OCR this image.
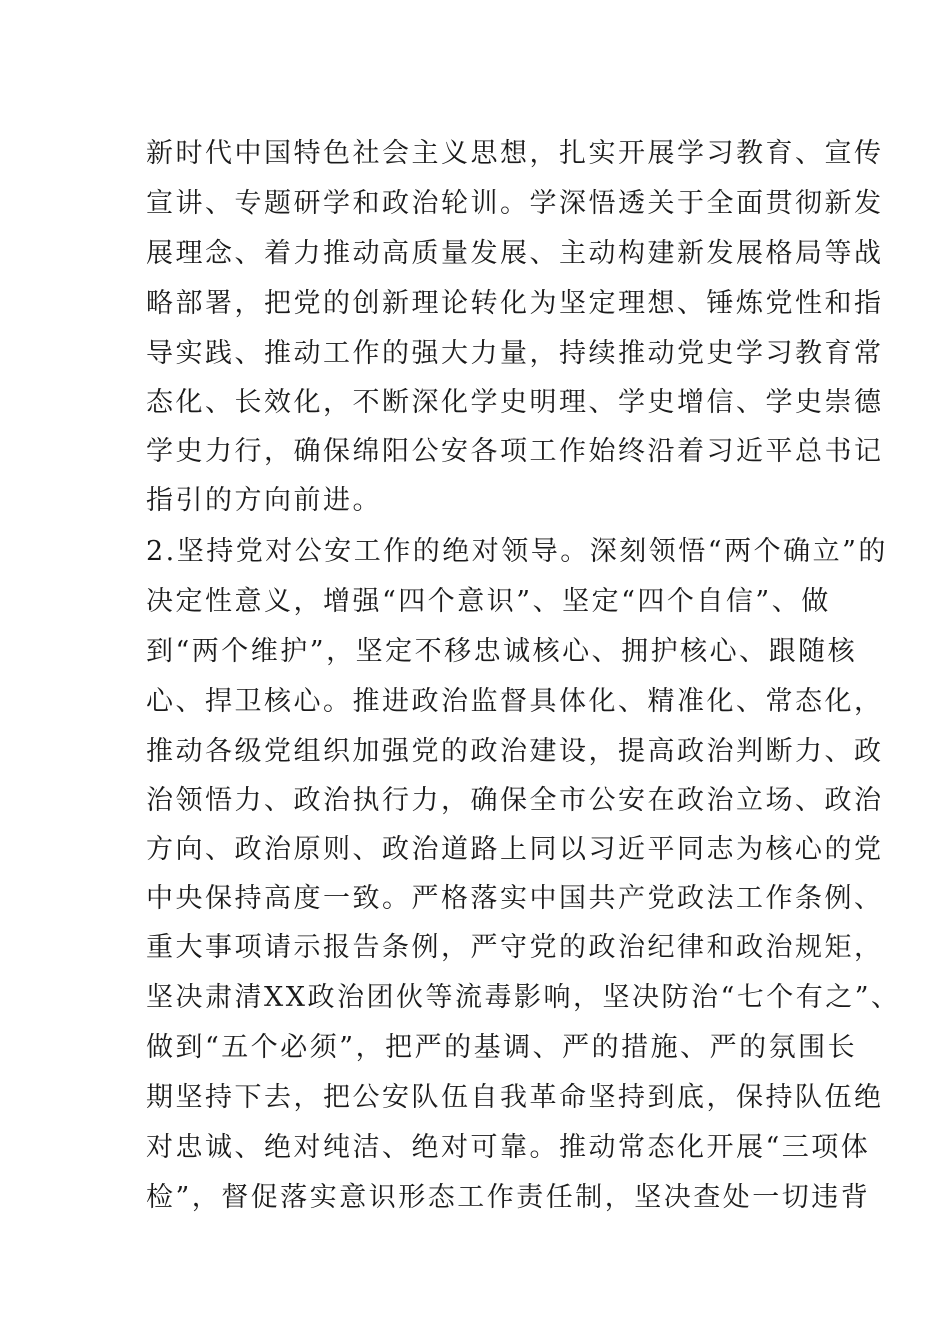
新时代中国特色社会主义思想，扎实开展学习教育、宣传
宣讲、专题研学和政治轮训。学深悟透关于全面贯彻新发
展理念、着力推动高质量发展、主动构建新发展格局等战
略部署，把党的创新理论转化为坚定理想、锤炼党性和指
导实践、推动工作的强大力量，持续推动党史学习教育常
态化、长效化，不断深化学史明理、学史增信、学史崇德
学史力行，确保绵阳公安各项工作始终沿着习近平总书记
指引的方向前进。
2.坚持党对公安工作的绝对领导。深刻领悟“两个确立”的
决定性意义，增强“四个意识”、坚定“四个自信”、做
到“两个维护”，坚定不移忠诚核心、拥护核心、跟随核
心、捍卫核心。推进政治监督具体化、精准化、常态化，
推动各级党组织加强党的政治建设，提高政治判断力、政
治领悟力、政治执行力，确保全市公安在政治立场、政治
方向、政治原则、政治道路上同以习近平同志为核心的党
中央保持高度一致。严格落实中国共产党政法工作条例、
重大事项请示报告条例，严守党的政治纪律和政治规矩，
坚决肃清XX政治团伙等流毒影响，坚决防治“七个有之”、
做到“五个必须”，把严的基调、严的措施、严的氛围长
期坚持下去，把公安队伍自我革命坚持到底，保持队伍绝
对忠诚、绝对纯洁、绝对可靠。推动常态化开展“三项体
检”，督促落实意识形态工作责任制，坚决查处一切违背
